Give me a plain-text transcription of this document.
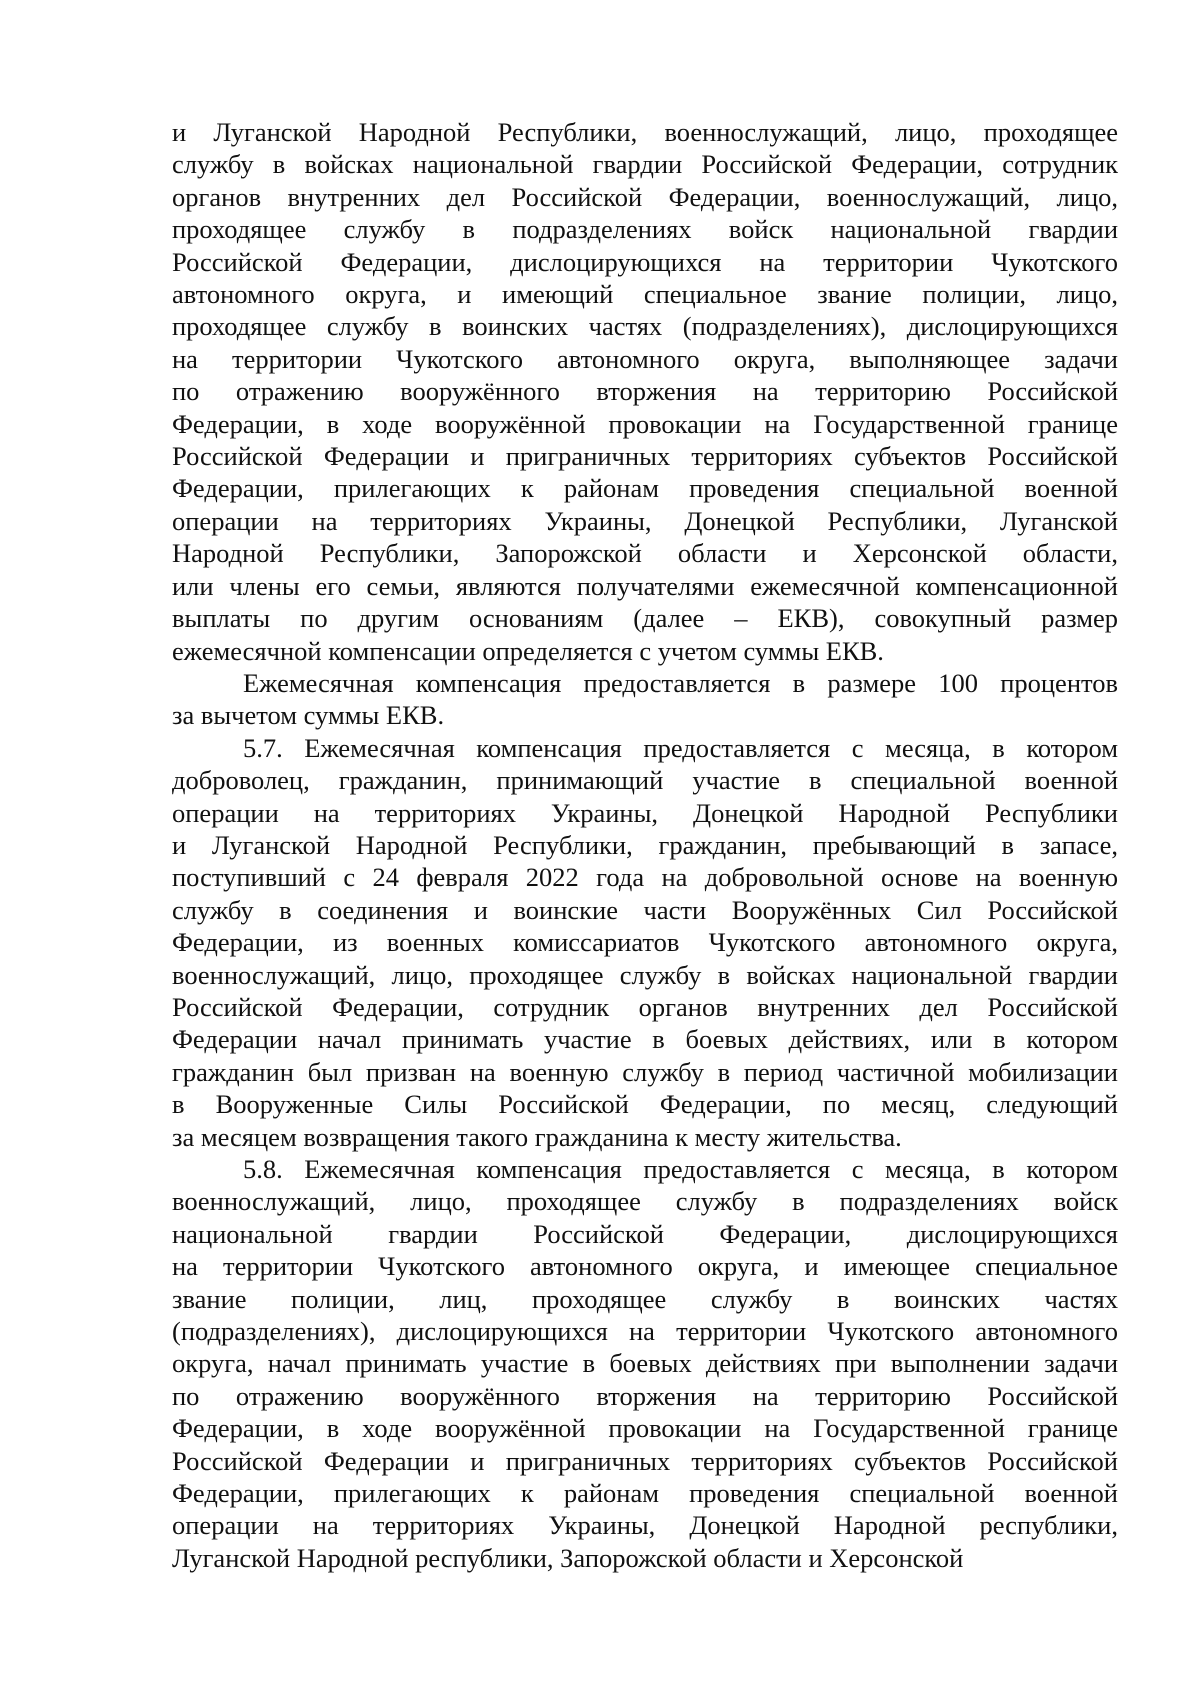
и Луганской Народной Республики, военнослужащий, лицо, проходящее
службу в войсках национальной гвардии Российской Федерации, сотрудник
органов внутренних дел Российской Федерации, военнослужащий, лицо,
проходящее службу в подразделениях войск национальной гвардии
Российской Федерации, дислоцирующихся на территории Чукотского
автономного округа, и имеющий специальное звание полиции, лицо,
проходящее службу в воинских частях (подразделениях), дислоцирующихся
на территории Чукотского автономного округа, выполняющее задачи
по отражению вооружённого вторжения на территорию Российской
Федерации, в ходе вооружённой провокации на Государственной границе
Российской Федерации и приграничных территориях субъектов Российской
Федерации, прилегающих к районам проведения специальной военной
операции на территориях Украины, Донецкой Республики, Луганской
Народной Республики, Запорожской области и Херсонской области,
или члены его семьи, являются получателями ежемесячной компенсационной
выплаты по другим основаниям (далее – ЕКВ), совокупный размер
ежемесячной компенсации определяется с учетом суммы ЕКВ.
Ежемесячная компенсация предоставляется в размере 100 процентов
за вычетом суммы ЕКВ.
5.7. Ежемесячная компенсация предоставляется с месяца, в котором
доброволец, гражданин, принимающий участие в специальной военной
операции на территориях Украины, Донецкой Народной Республики
и Луганской Народной Республики, гражданин, пребывающий в запасе,
поступивший с 24 февраля 2022 года на добровольной основе на военную
службу в соединения и воинские части Вооружённых Сил Российской
Федерации, из военных комиссариатов Чукотского автономного округа,
военнослужащий, лицо, проходящее службу в войсках национальной гвардии
Российской Федерации, сотрудник органов внутренних дел Российской
Федерации начал принимать участие в боевых действиях, или в котором
гражданин был призван на военную службу в период частичной мобилизации
в Вооруженные Силы Российской Федерации, по месяц, следующий
за месяцем возвращения такого гражданина к месту жительства.
5.8. Ежемесячная компенсация предоставляется с месяца, в котором
военнослужащий, лицо, проходящее службу в подразделениях войск
национальной гвардии Российской Федерации, дислоцирующихся
на территории Чукотского автономного округа, и имеющее специальное
звание полиции, лиц, проходящее службу в воинских частях
(подразделениях), дислоцирующихся на территории Чукотского автономного
округа, начал принимать участие в боевых действиях при выполнении задачи
по отражению вооружённого вторжения на территорию Российской
Федерации, в ходе вооружённой провокации на Государственной границе
Российской Федерации и приграничных территориях субъектов Российской
Федерации, прилегающих к районам проведения специальной военной
операции на территориях Украины, Донецкой Народной республики,
Луганской Народной республики, Запорожской области и Херсонской
